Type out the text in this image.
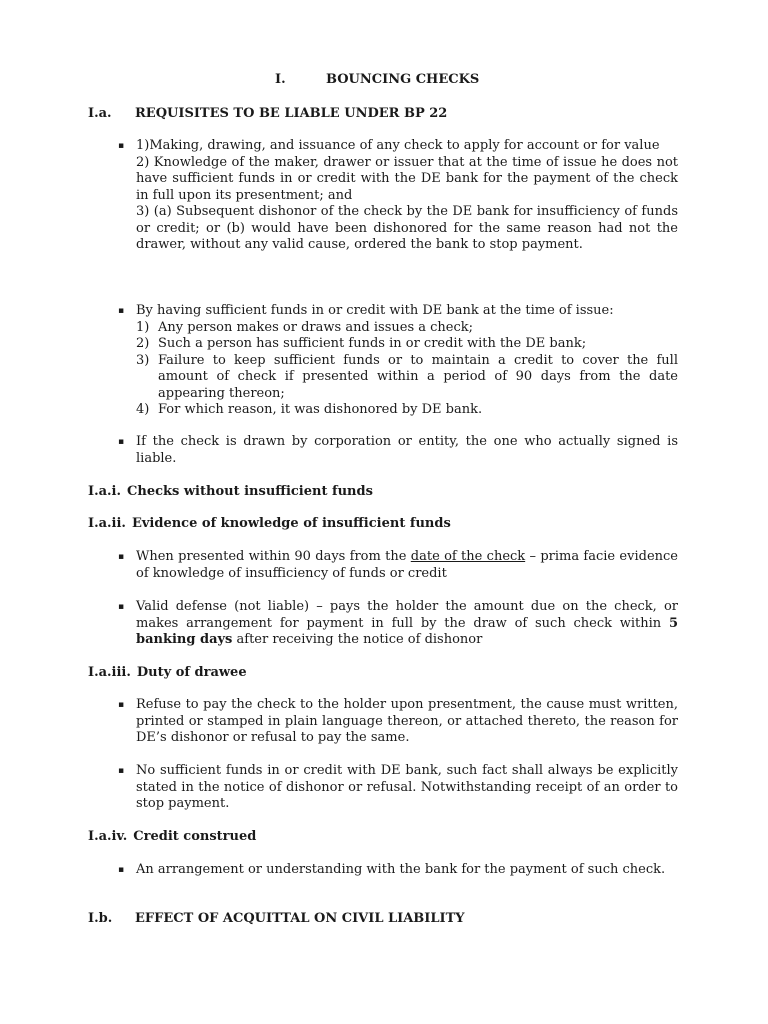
I.	BOUNCING CHECKS
I.a. REQUISITES TO BE LIABLE UNDER BP 22
▪ 1)Making, drawing, and issuance of any check to apply for account or for value

2) Knowledge of the maker, drawer or issuer that at the time of issue he does not have sufficient funds in or credit with the DE bank for the payment of the check in full upon its presentment; and

3) (a) Subsequent dishonor of the check by the DE bank for insufficiency of funds or credit; or (b) would have been dishonored for the same reason had not the drawer, without any valid cause, ordered the bank to stop payment.

▪ By having sufficient funds in or credit with DE bank at the time of issue:

1) Any person makes or draws and issues a check;
2) Such a person has sufficient funds in or credit with the DE bank;
3) Failure to keep sufficient funds or to maintain a credit to cover the full amount of check if presented within a period of 90 days from the date appearing thereon;
4) For which reason, it was dishonored by DE bank.
▪ If the check is drawn by corporation or entity, the one who actually signed is liable.

I.a.i. Checks without insufficient funds
I.a.ii. Evidence of knowledge of insufficient funds
▪ When presented within 90 days from the date of the check – prima facie evidence of knowledge of insufficiency of funds or credit

▪ Valid defense (not liable) – pays the holder the amount due on the check, or makes arrangement for payment in full by the draw of such check within 5 banking days after receiving the notice of dishonor

I.a.iii. Duty of drawee
▪ Refuse to pay the check to the holder upon presentment, the cause must written, printed or stamped in plain language thereon, or attached thereto, the reason for DE’s dishonor or refusal to pay the same.

▪ No sufficient funds in or credit with DE bank, such fact shall always be explicitly stated in the notice of dishonor or refusal. Notwithstanding receipt of an order to stop payment.

I.a.iv. Credit construed
▪ An arrangement or understanding with the bank for the payment of such check.

I.b. EFFECT OF ACQUITTAL ON CIVIL LIABILITY
